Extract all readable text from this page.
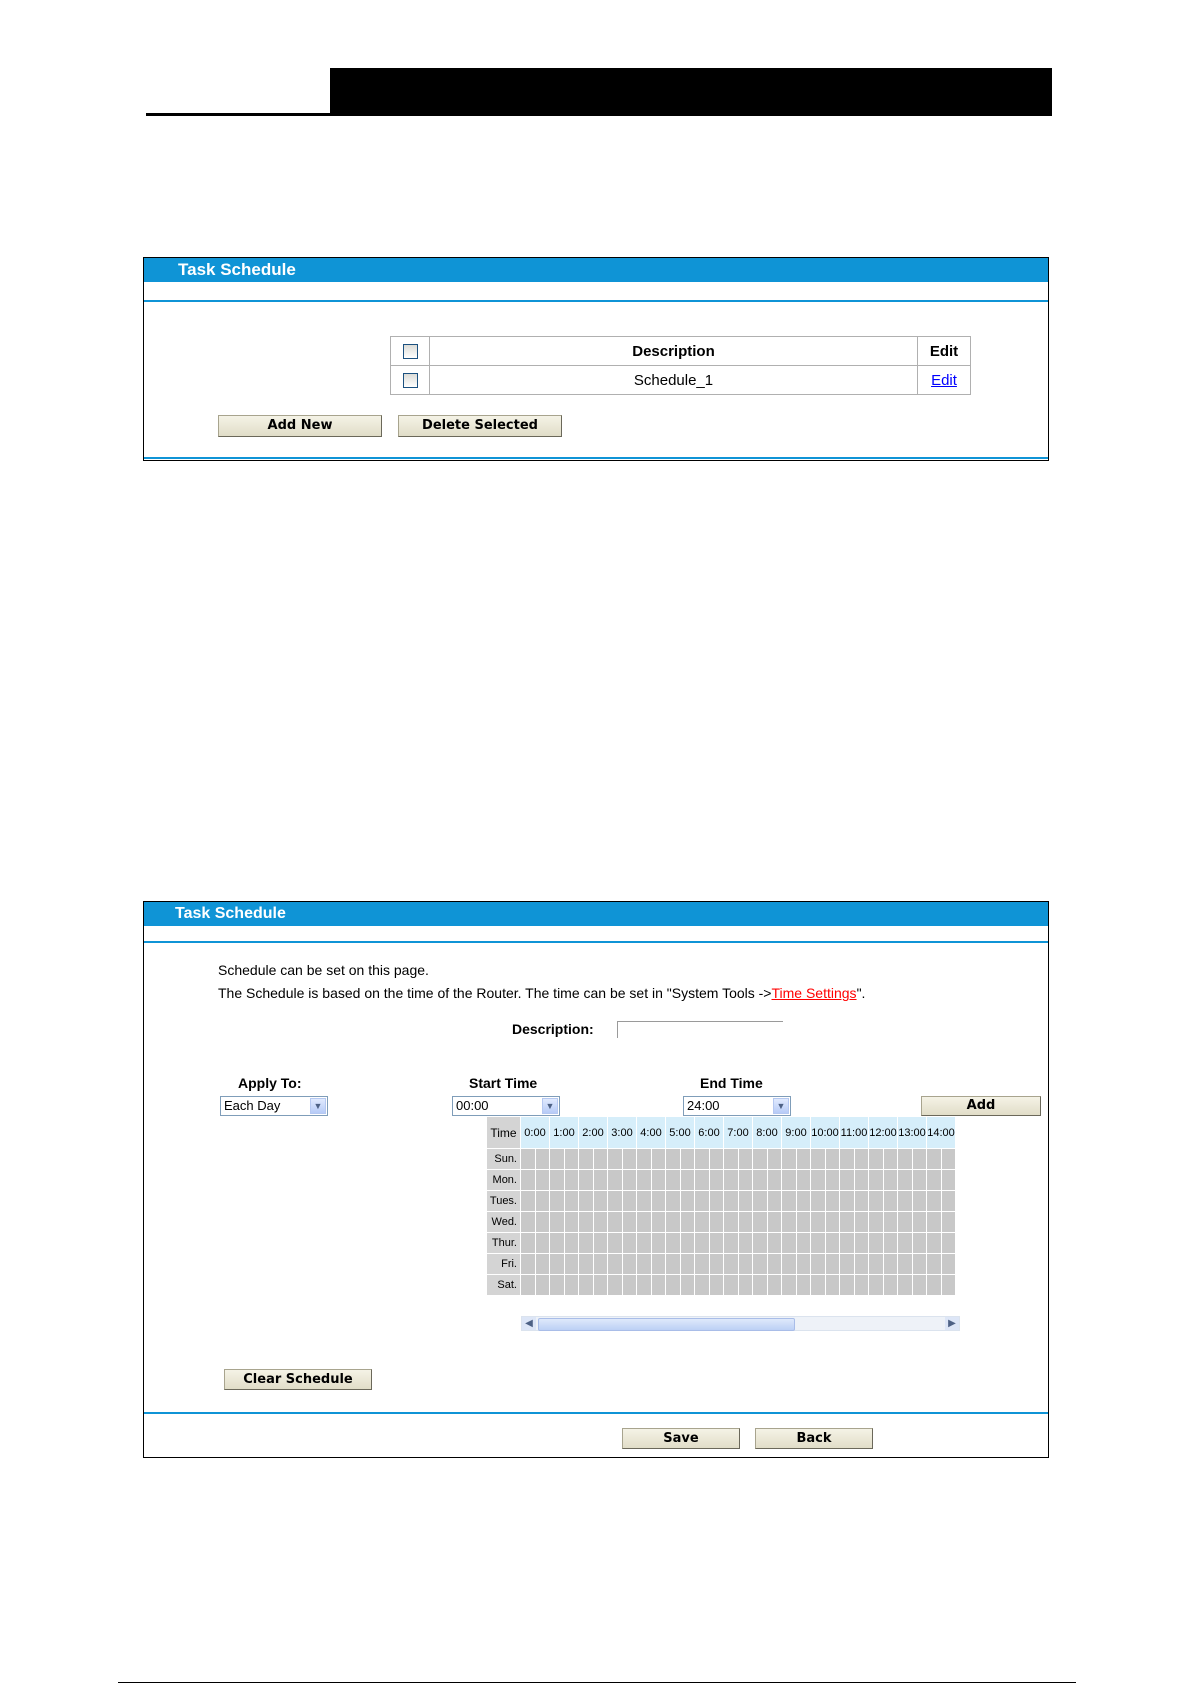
Task Schedule
	Description	Edit
	Schedule_1	Edit
Add New	Delete Selected
Task Schedule
Schedule can be set on this page.
The Schedule is based on the time of the Router. The time can be set in "System Tools ->Time Settings".
Description:
Apply To:	Start Time	End Time
Each Day	▼	00:00	▼	24:00	▼	Add
Time	0:00		1:00		2:00		3:00		4:00		5:00		6:00		7:00		8:00		9:00		10:00		11:00		12:00		13:00		14:00	
Sun.																														
Mon.																														
Tues.																														
Wed.																														
Thur.																														
Fri.																														
Sat.																														
◀	▶
Clear Schedule
Save	Back
